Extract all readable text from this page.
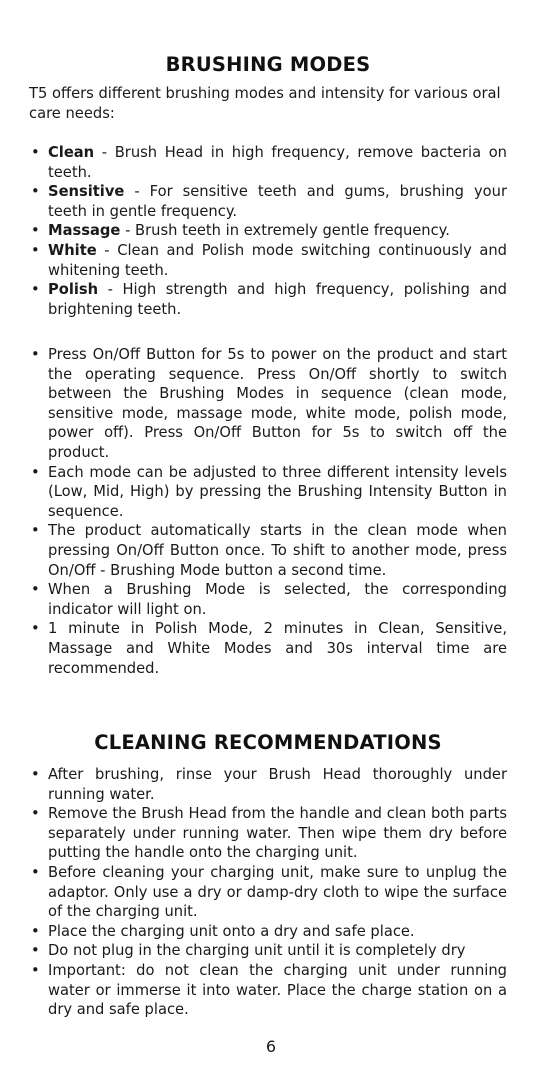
BRUSHING MODES

T5 offers different brushing modes and intensity for various oral care needs:

• Clean - Brush Head in high frequency, remove bacteria on teeth.
• Sensitive - For sensitive teeth and gums, brushing your teeth in gentle frequency.
• Massage - Brush teeth in extremely gentle frequency.
• White - Clean and Polish mode switching continuously and whitening teeth.
• Polish - High strength and high frequency, polishing and brightening teeth.
• Press On/Off Button for 5s to power on the product and start the operating sequence. Press On/Off shortly to switch between the Brushing Modes in sequence (clean mode, sensitive mode, massage mode, white mode, polish mode, power off). Press On/Off Button for 5s to switch off the product.
• Each mode can be adjusted to three different intensity levels (Low, Mid, High) by pressing the Brushing Intensity Button in sequence.
• The product automatically starts in the clean mode when pressing On/Off Button once. To shift to another mode, press On/Off - Brushing Mode button a second time.
• When a Brushing Mode is selected, the corresponding indicator will light on.
• 1 minute in Polish Mode, 2 minutes in Clean, Sensitive, Massage and White Modes and 30s interval time are recommended.
CLEANING RECOMMENDATIONS
• After brushing, rinse your Brush Head thoroughly under running water.
• Remove the Brush Head from the handle and clean both parts separately under running water. Then wipe them dry before putting the handle onto the charging unit.
• Before cleaning your charging unit, make sure to unplug the adaptor. Only use a dry or damp-dry cloth to wipe the surface of the charging unit.
• Place the charging unit onto a dry and safe place.
• Do not plug in the charging unit until it is completely dry
• Important: do not clean the charging unit under running water or immerse it into water. Place the charge station on a dry and safe place.
6
